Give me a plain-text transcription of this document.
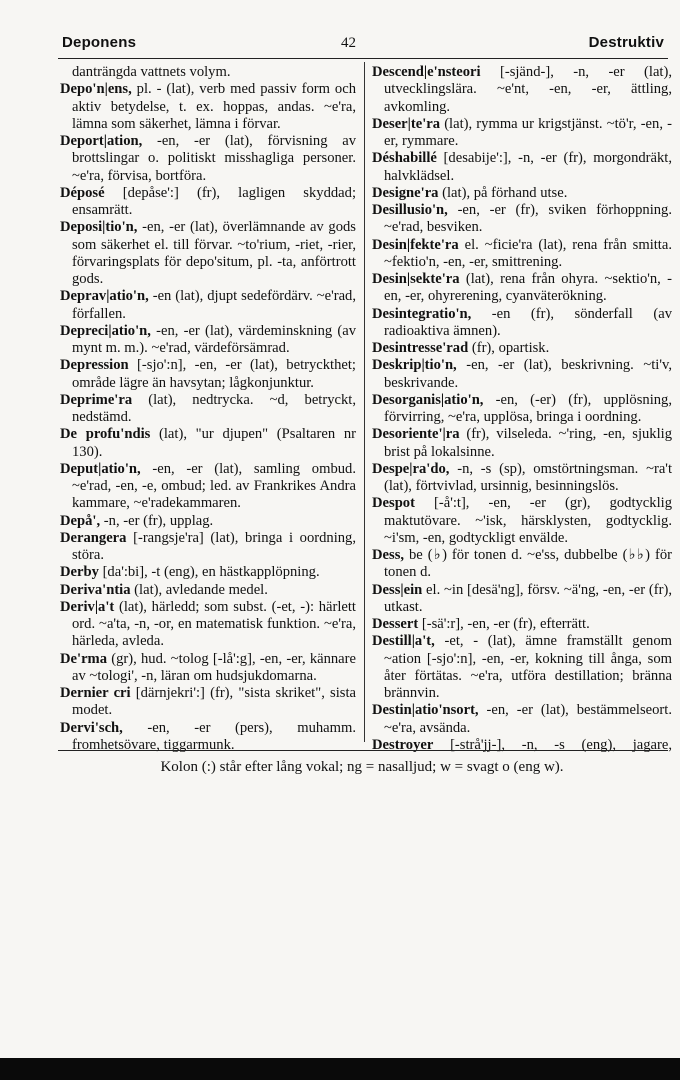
Deponens	42	Destruktiv

danträngda vattnets volym.

Depo'n|ens, pl. - (lat), verb med passiv form och aktiv betydelse, t. ex. hoppas, andas. ~e'ra, lämna som säkerhet, lämna i förvar.

Deport|ation, -en, -er (lat), förvisning av brottslingar o. politiskt misshagliga personer. ~e'ra, förvisa, bortföra.

Déposé [depåse':] (fr), lagligen skyddad; ensamrätt.

Deposi|tio'n, -en, -er (lat), överlämnande av gods som säkerhet el. till förvar. ~to'rium, -riet, -rier, förvaringsplats för depo'situm, pl. -ta, anförtrott gods.

Deprav|atio'n, -en (lat), djupt sedefördärv. ~e'rad, förfallen.

Depreci|atio'n, -en, -er (lat), värdeminskning (av mynt m. m.). ~e'rad, värdeförsämrad.

Depression [-sjo':n], -en, -er (lat), betryckthet; område lägre än havsytan; lågkonjunktur.

Deprime'ra (lat), nedtrycka. ~d, betryckt, nedstämd.

De profu'ndis (lat), "ur djupen" (Psaltaren nr 130).

Deput|atio'n, -en, -er (lat), samling ombud. ~e'rad, -en, -e, ombud; led. av Frankrikes Andra kammare, ~e'radekammaren.

Depå', -n, -er (fr), upplag.

Derangera [-rangsje'ra] (lat), bringa i oordning, störa.

Derby [da':bi], -t (eng), en hästkapplöpning.

Deriva'ntia (lat), avledande medel.

Deriv|a't (lat), härledd; som subst. (-et, -): härlett ord. ~a'ta, -n, -or, en matematisk funktion. ~e'ra, härleda, avleda.

De'rma (gr), hud. ~tolog [-lå':g], -en, -er, kännare av ~tologi', -n, läran om hudsjukdomarna.

Dernier cri [därnjekri':] (fr), "sista skriket", sista modet.

Dervi'sch, -en, -er (pers), muhamm. fromhetsövare, tiggarmunk.

Descend|e'nsteori [-sjänd-], -n, -er (lat), utvecklingslära. ~e'nt, -en, -er, ättling, avkomling.

Deser|te'ra (lat), rymma ur krigstjänst. ~tö'r, -en, -er, rymmare.

Déshabillé [desabije':], -n, -er (fr), morgondräkt, halvklädsel.

Designe'ra (lat), på förhand utse.

Desillusio'n, -en, -er (fr), sviken förhoppning. ~e'rad, besviken.

Desin|fekte'ra el. ~ficie'ra (lat), rena från smitta. ~fektio'n, -en, -er, smittrening.

Desin|sekte'ra (lat), rena från ohyra. ~sektio'n, -en, -er, ohyrerening, cyanväterökning.

Desintegratio'n, -en (fr), sönderfall (av radioaktiva ämnen).

Desintresse'rad (fr), opartisk.

Deskrip|tio'n, -en, -er (lat), beskrivning. ~ti'v, beskrivande.

Desorganis|atio'n, -en, (-er) (fr), upplösning, förvirring, ~e'ra, upplösa, bringa i oordning.

Desoriente'|ra (fr), vilseleda. ~'ring, -en, sjuklig brist på lokalsinne.

Despe|ra'do, -n, -s (sp), omstörtningsman. ~ra't (lat), förtvivlad, ursinnig, besinningslös.

Despot [-å':t], -en, -er (gr), godtycklig maktutövare. ~'isk, härsklysten, godtycklig. ~i'sm, -en, godtyckligt envälde.

Dess, be (♭) för tonen d. ~e'ss, dubbelbe (♭♭) för tonen d.

Dess|ein el. ~in [desä'ng], försv. ~ä'ng, -en, -er (fr), utkast.

Dessert [-sä':r], -en, -er (fr), efterrätt.

Destill|a't, -et, - (lat), ämne framställt genom ~ation [-sjo':n], -en, -er, kokning till ånga, som åter förtätas. ~e'ra, utföra destillation; bränna brännvin.

Destin|atio'nsort, -en, -er (lat), bestämmelseort. ~e'ra, avsända.

Destroyer [-strå'jj-], -n, -s (eng), jagare,

Kolon (:) står efter lång vokal; ng = nasalljud; w = svagt o (eng w).
